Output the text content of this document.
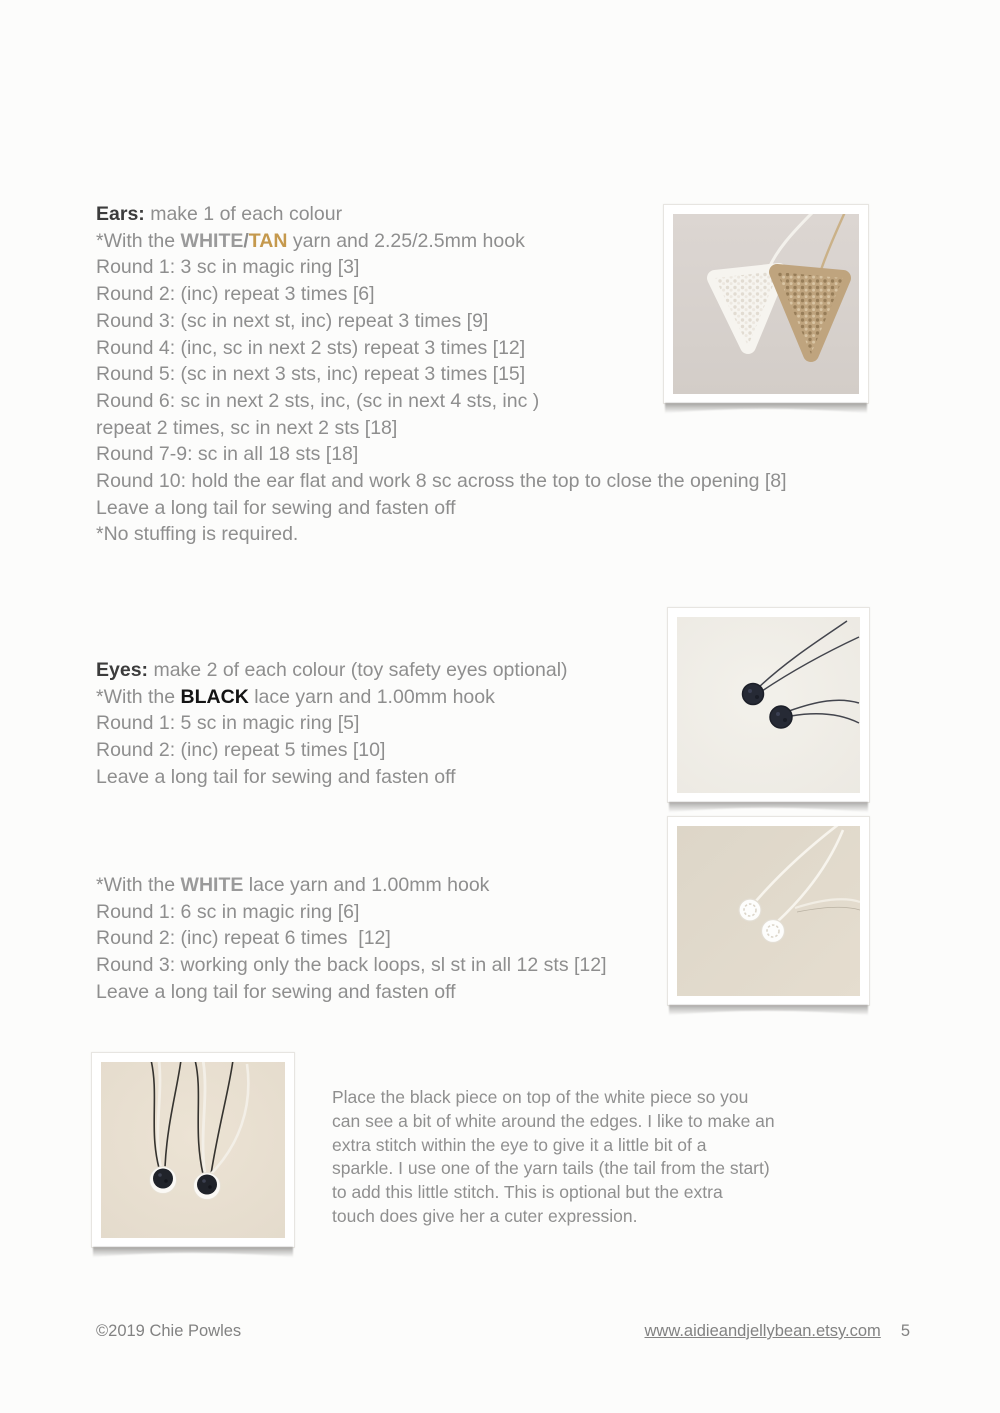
Ears: make 1 of each colour
*With the WHITE/TAN yarn and 2.25/2.5mm hook
Round 1: 3 sc in magic ring [3]
Round 2: (inc) repeat 3 times [6]
Round 3: (sc in next st, inc) repeat 3 times [9]
Round 4: (inc, sc in next 2 sts) repeat 3 times [12]
Round 5: (sc in next 3 sts, inc) repeat 3 times [15]
Round 6: sc in next 2 sts, inc, (sc in next 4 sts, inc )
repeat 2 times, sc in next 2 sts [18]
Round 7-9: sc in all 18 sts [18]
Round 10: hold the ear flat and work 8 sc across the top to close the opening [8]
Leave a long tail for sewing and fasten off
*No stuffing is required.
Eyes: make 2 of each colour (toy safety eyes optional)
*With the BLACK lace yarn and 1.00mm hook
Round 1: 5 sc in magic ring [5]
Round 2: (inc) repeat 5 times [10]
Leave a long tail for sewing and fasten off
*With the WHITE lace yarn and 1.00mm hook
Round 1: 6 sc in magic ring [6]
Round 2: (inc) repeat 6 times  [12]
Round 3: working only the back loops, sl st in all 12 sts [12]
Leave a long tail for sewing and fasten off
Place the black piece on top of the white piece so you
can see a bit of white around the edges. I like to make an
extra stitch within the eye to give it a little bit of a
sparkle. I use one of the yarn tails (the tail from the start)
to add this little stitch. This is optional but the extra
touch does give her a cuter expression.
©2019 Chie Powles	www.aidieandjellybean.etsy.com 5
